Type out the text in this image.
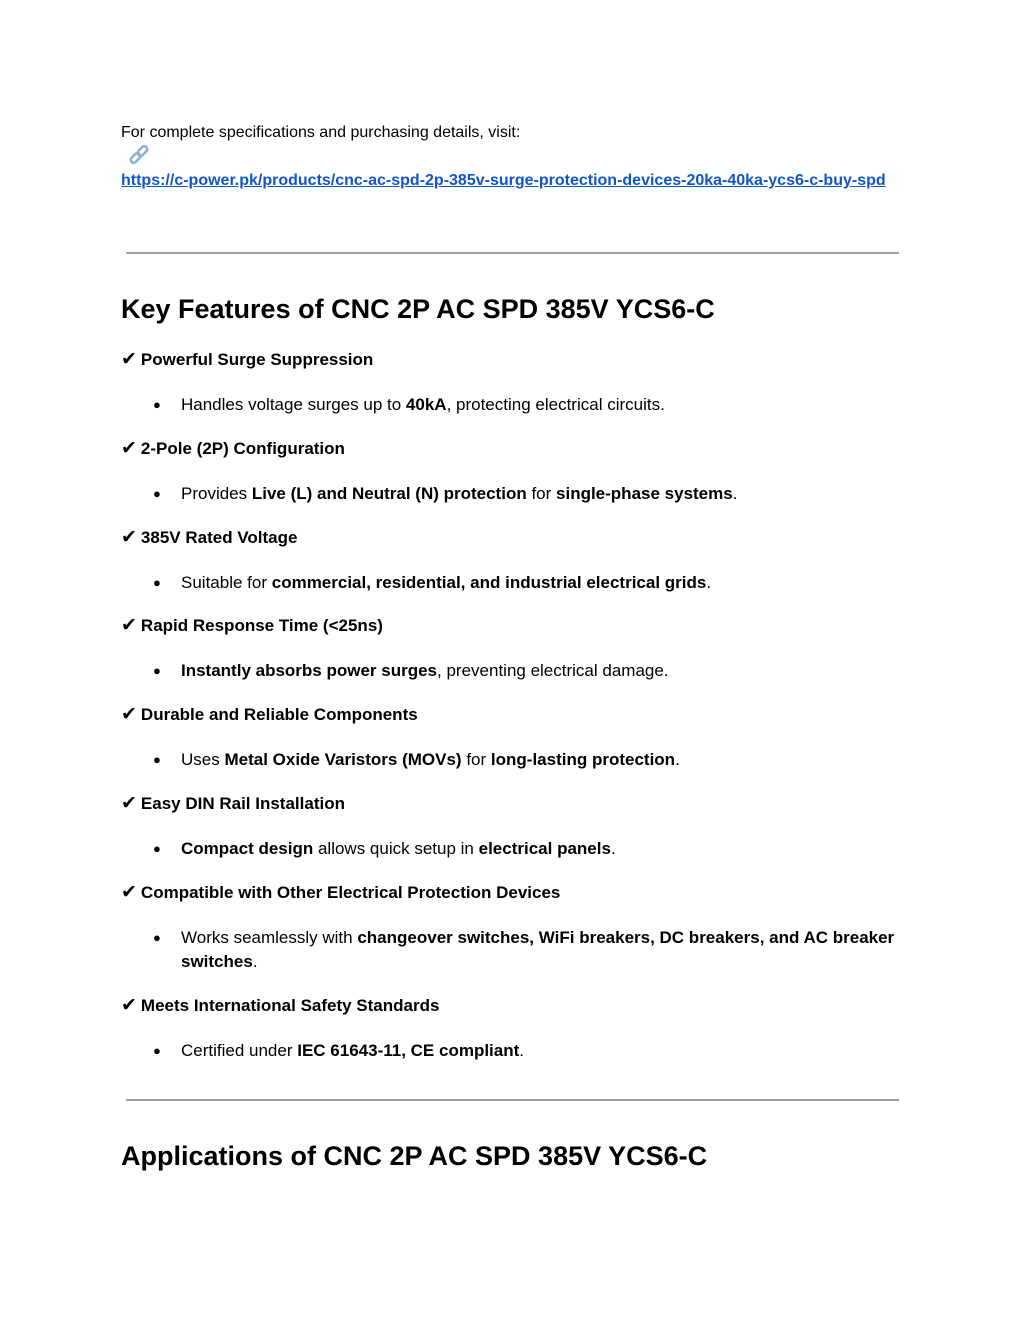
For complete specifications and purchasing details, visit:
https://c-power.pk/products/cnc-ac-spd-2p-385v-surge-protection-devices-20ka-40ka-ycs6-c-buy-spd
Key Features of CNC 2P AC SPD 385V YCS6-C
✔ Powerful Surge Suppression
● Handles voltage surges up to 40kA, protecting electrical circuits.
✔ 2-Pole (2P) Configuration
● Provides Live (L) and Neutral (N) protection for single-phase systems.
✔ 385V Rated Voltage
● Suitable for commercial, residential, and industrial electrical grids.
✔ Rapid Response Time (<25ns)
● Instantly absorbs power surges, preventing electrical damage.
✔ Durable and Reliable Components
● Uses Metal Oxide Varistors (MOVs) for long-lasting protection.
✔ Easy DIN Rail Installation
● Compact design allows quick setup in electrical panels.
✔ Compatible with Other Electrical Protection Devices
● Works seamlessly with changeover switches, WiFi breakers, DC breakers, and AC breaker switches.
✔ Meets International Safety Standards
● Certified under IEC 61643-11, CE compliant.
Applications of CNC 2P AC SPD 385V YCS6-C
